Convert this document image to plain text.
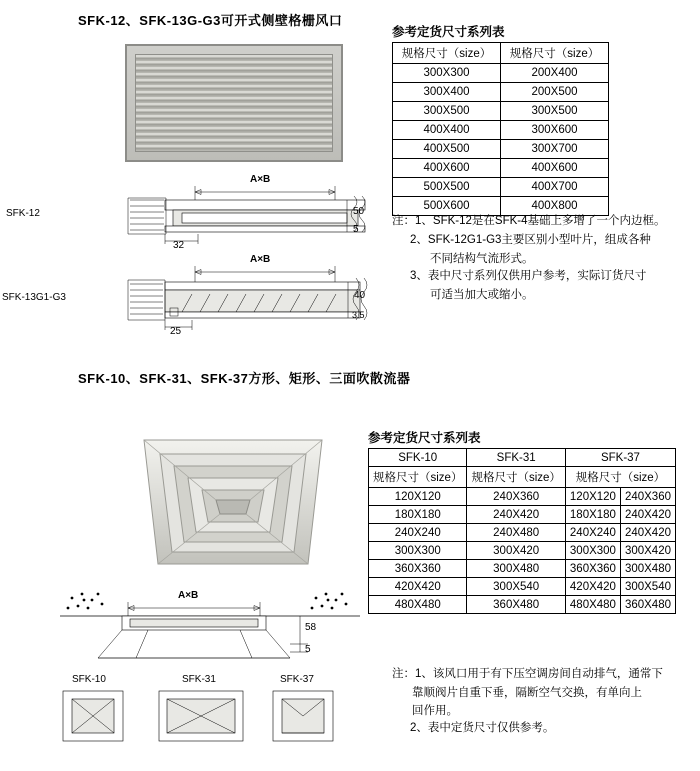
SFK-12、SFK-13G-G3可开式侧壁格栅风口
参考定货尺寸系列表
规格尺寸（size）	规格尺寸（size）
300X300	200X400
300X400	200X500
300X500	300X500
400X400	300X600
400X500	300X700
400X600	400X600
500X500	400X700
500X600	400X800
注： 1、 SFK-12是在SFK-4基础上多增了一个内边框。
2、 SFK-12G1-G3主要区别小型叶片，组成各种
不同结构气流形式。
3、 表中尺寸系列仅供用户参考，实际订货尺寸
可适当加大或缩小。
A×B
SFK-12	50
5
32
A×B
SFK-13G1-G3	40
3.5
25
SFK-10、SFK-31、SFK-37方形、矩形、三面吹散流器
参考定货尺寸系列表
SFK-10	SFK-31	SFK-37	
规格尺寸（size）	规格尺寸（size）	规格尺寸（size）	
120X120	240X360	120X120	240X360
180X180	240X420	180X180	240X420
240X240	240X480	240X240	240X420
300X300	300X420	300X300	300X420
360X360	300X480	360X360	300X480
420X420	300X540	420X420	300X540
480X480	360X480	480X480	360X480
注： 1、 该风口用于有下压空调房间自动排气，通常下
靠顺阀片自重下垂，隔断空气交换，有单向上
回作用。
2、 表中定货尺寸仅供参考。
A×B
58
5
SFK-10	SFK-31	SFK-37
